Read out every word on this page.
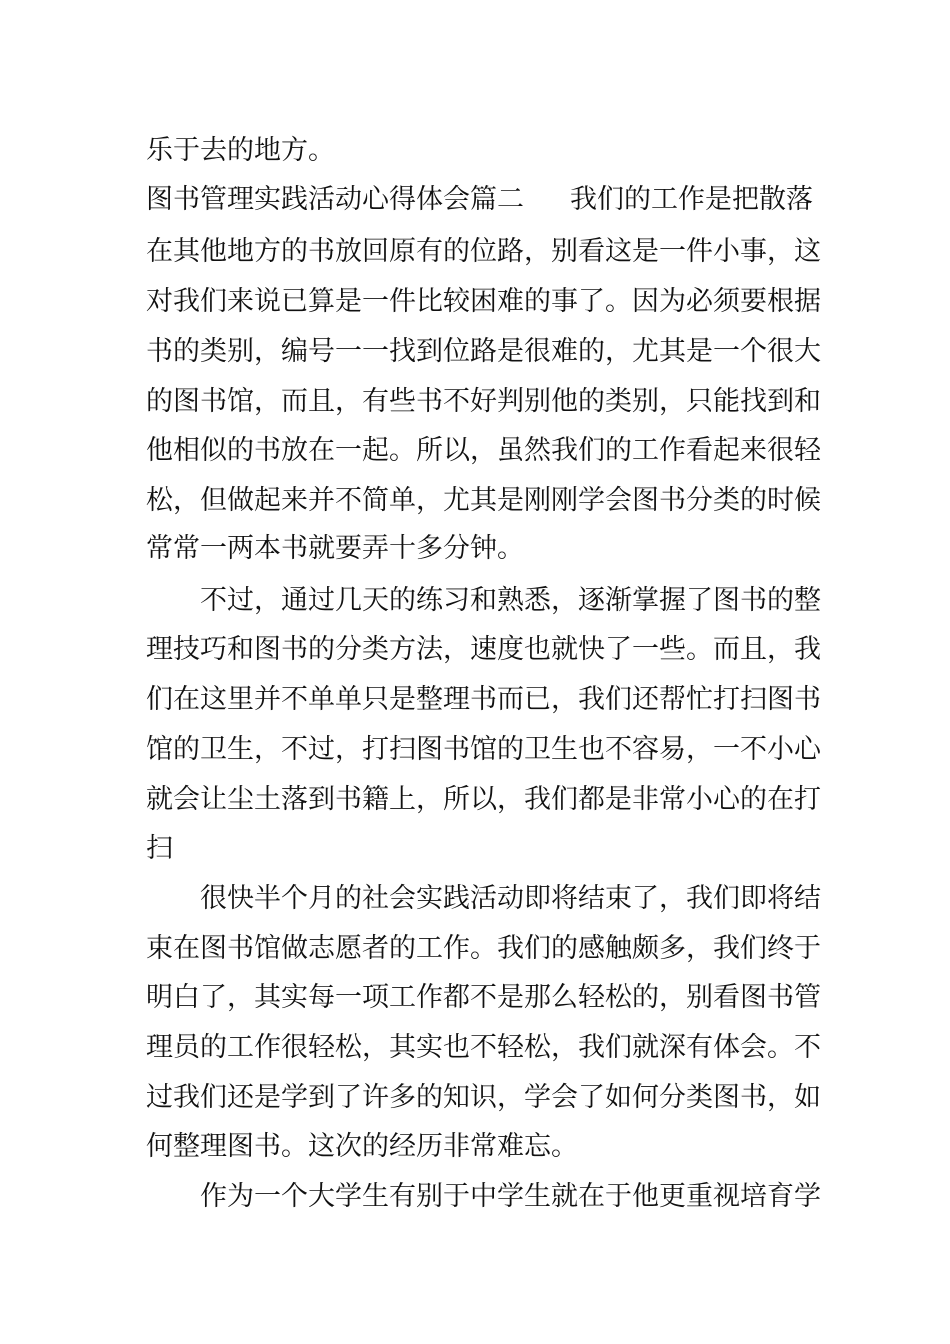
乐于去的地方。
图书管理实践活动心得体会篇二 我们的工作是把散落
在其他地方的书放回原有的位路，别看这是一件小事，这
对我们来说已算是一件比较困难的事了。因为必须要根据
书的类别，编号一一找到位路是很难的，尤其是一个很大
的图书馆，而且，有些书不好判别他的类别，只能找到和
他相似的书放在一起。所以，虽然我们的工作看起来很轻
松，但做起来并不简单，尤其是刚刚学会图书分类的时候
常常一两本书就要弄十多分钟。
不过，通过几天的练习和熟悉，逐渐掌握了图书的整
理技巧和图书的分类方法，速度也就快了一些。而且，我
们在这里并不单单只是整理书而已，我们还帮忙打扫图书
馆的卫生，不过，打扫图书馆的卫生也不容易，一不小心
就会让尘土落到书籍上，所以，我们都是非常小心的在打
扫
很快半个月的社会实践活动即将结束了，我们即将结
束在图书馆做志愿者的工作。我们的感触颇多，我们终于
明白了，其实每一项工作都不是那么轻松的，别看图书管
理员的工作很轻松，其实也不轻松，我们就深有体会。不
过我们还是学到了许多的知识，学会了如何分类图书，如
何整理图书。这次的经历非常难忘。
作为一个大学生有别于中学生就在于他更重视培育学
